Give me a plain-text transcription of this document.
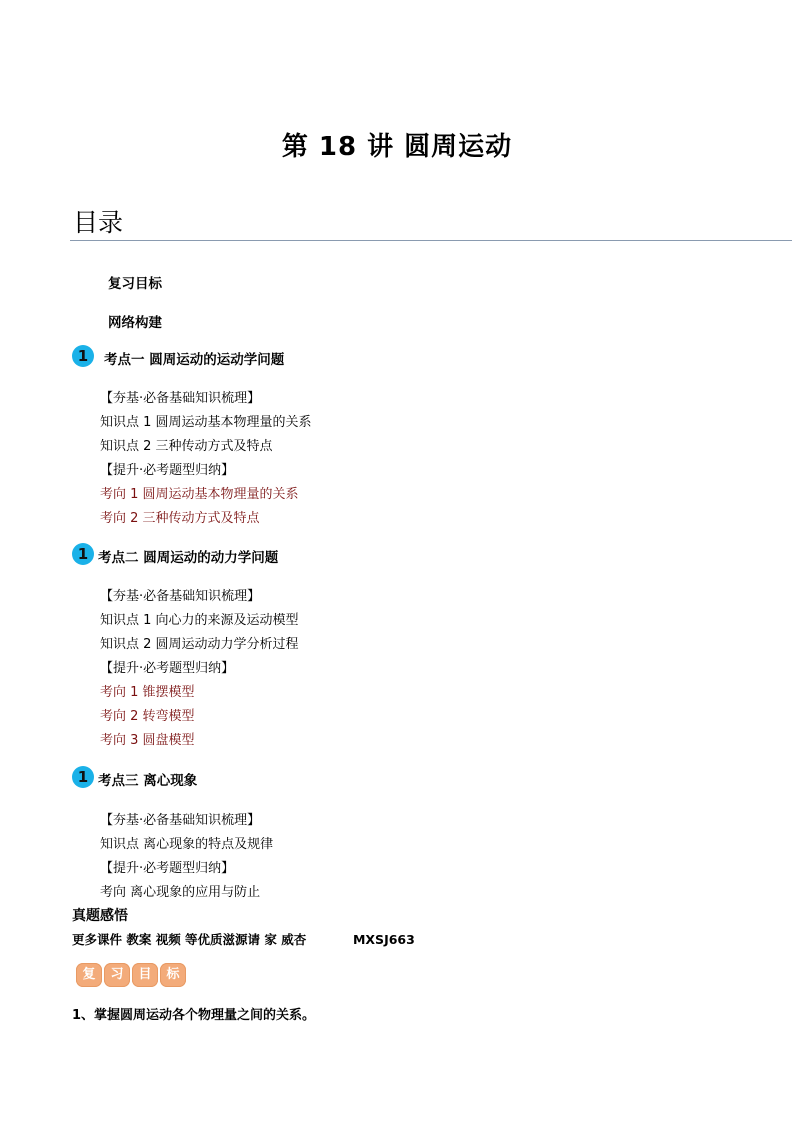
第 18 讲 圆周运动
目录
复习目标
网络构建
1	考点一 圆周运动的运动学问题
【夯基·必备基础知识梳理】
知识点 1 圆周运动基本物理量的关系
知识点 2 三种传动方式及特点
【提升·必考题型归纳】
考向 1 圆周运动基本物理量的关系
考向 2 三种传动方式及特点
1 考点二 圆周运动的动力学问题
【夯基·必备基础知识梳理】
知识点 1 向心力的来源及运动模型
知识点 2 圆周运动动力学分析过程
【提升·必考题型归纳】
考向 1 锥摆模型
考向 2 转弯模型
考向 3 圆盘模型
1 考点三 离心现象
【夯基·必备基础知识梳理】
知识点 离心现象的特点及规律
【提升·必考题型归纳】
考向 离心现象的应用与防止
真题感悟
更多课件 教案 视频 等优质滋源请 家 威杏	MXSJ663
复	习	目	标
1、掌握圆周运动各个物理量之间的关系。
